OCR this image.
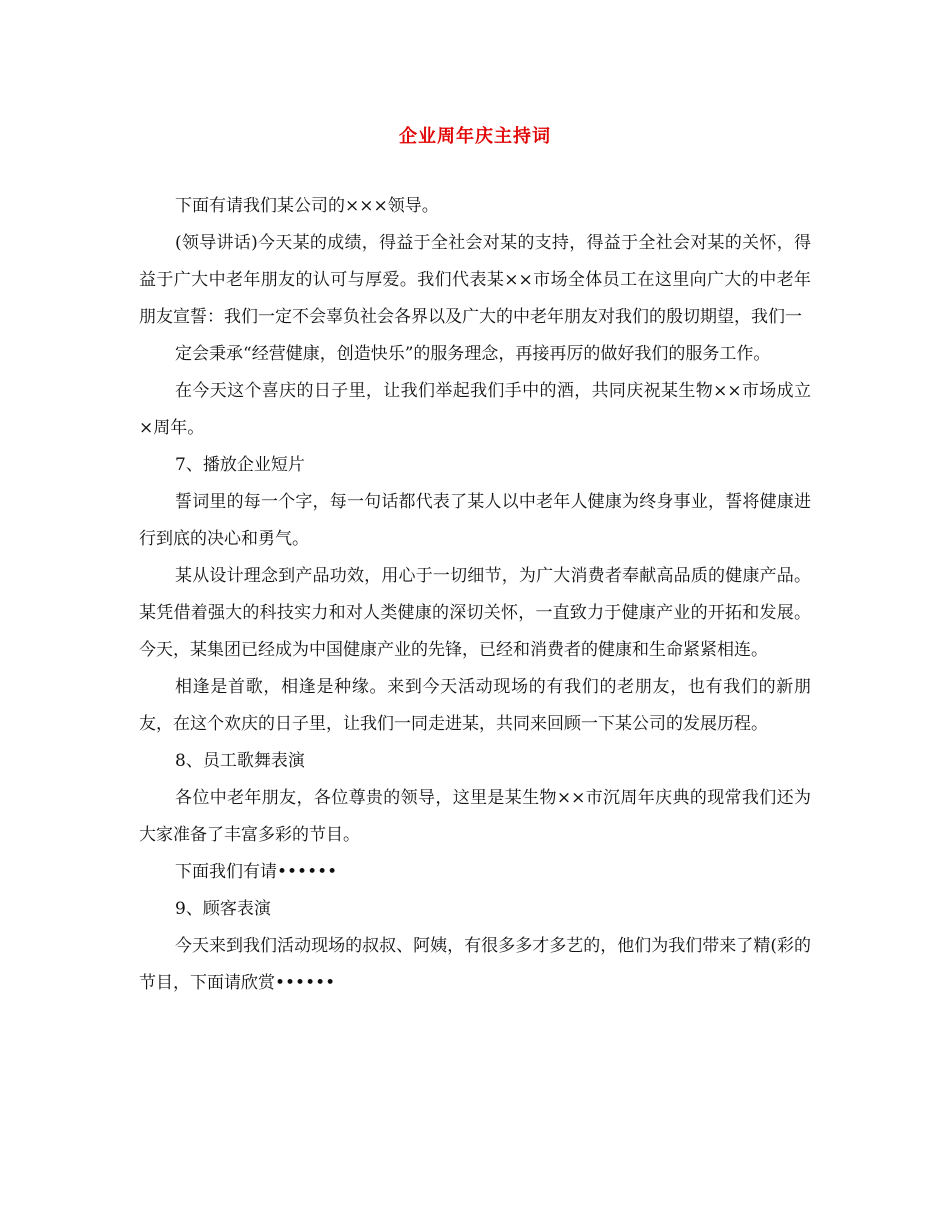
企业周年庆主持词

下面有请我们某公司的×××领导。

(领导讲话)今天某的成绩，得益于全社会对某的支持，得益于全社会对某的关怀，得益于广大中老年朋友的认可与厚爱。我们代表某××市场全体员工在这里向广大的中老年朋友宣誓：我们一定不会辜负社会各界以及广大的中老年朋友对我们的殷切期望，我们一

定会秉承“经营健康，创造快乐”的服务理念，再接再厉的做好我们的服务工作。

在今天这个喜庆的日子里，让我们举起我们手中的酒，共同庆祝某生物××市场成立×周年。

7、播放企业短片

誓词里的每一个字，每一句话都代表了某人以中老年人健康为终身事业，誓将健康进行到底的决心和勇气。

某从设计理念到产品功效，用心于一切细节，为广大消费者奉献高品质的健康产品。某凭借着强大的科技实力和对人类健康的深切关怀，一直致力于健康产业的开拓和发展。今天，某集团已经成为中国健康产业的先锋，已经和消费者的健康和生命紧紧相连。

相逢是首歌，相逢是种缘。来到今天活动现场的有我们的老朋友，也有我们的新朋友，在这个欢庆的日子里，让我们一同走进某，共同来回顾一下某公司的发展历程。

8、员工歌舞表演

各位中老年朋友，各位尊贵的领导，这里是某生物××市沉周年庆典的现常我们还为大家准备了丰富多彩的节目。

下面我们有请••••••

9、顾客表演

今天来到我们活动现场的叔叔、阿姨，有很多多才多艺的，他们为我们带来了精(彩的节目，下面请欣赏••••••
